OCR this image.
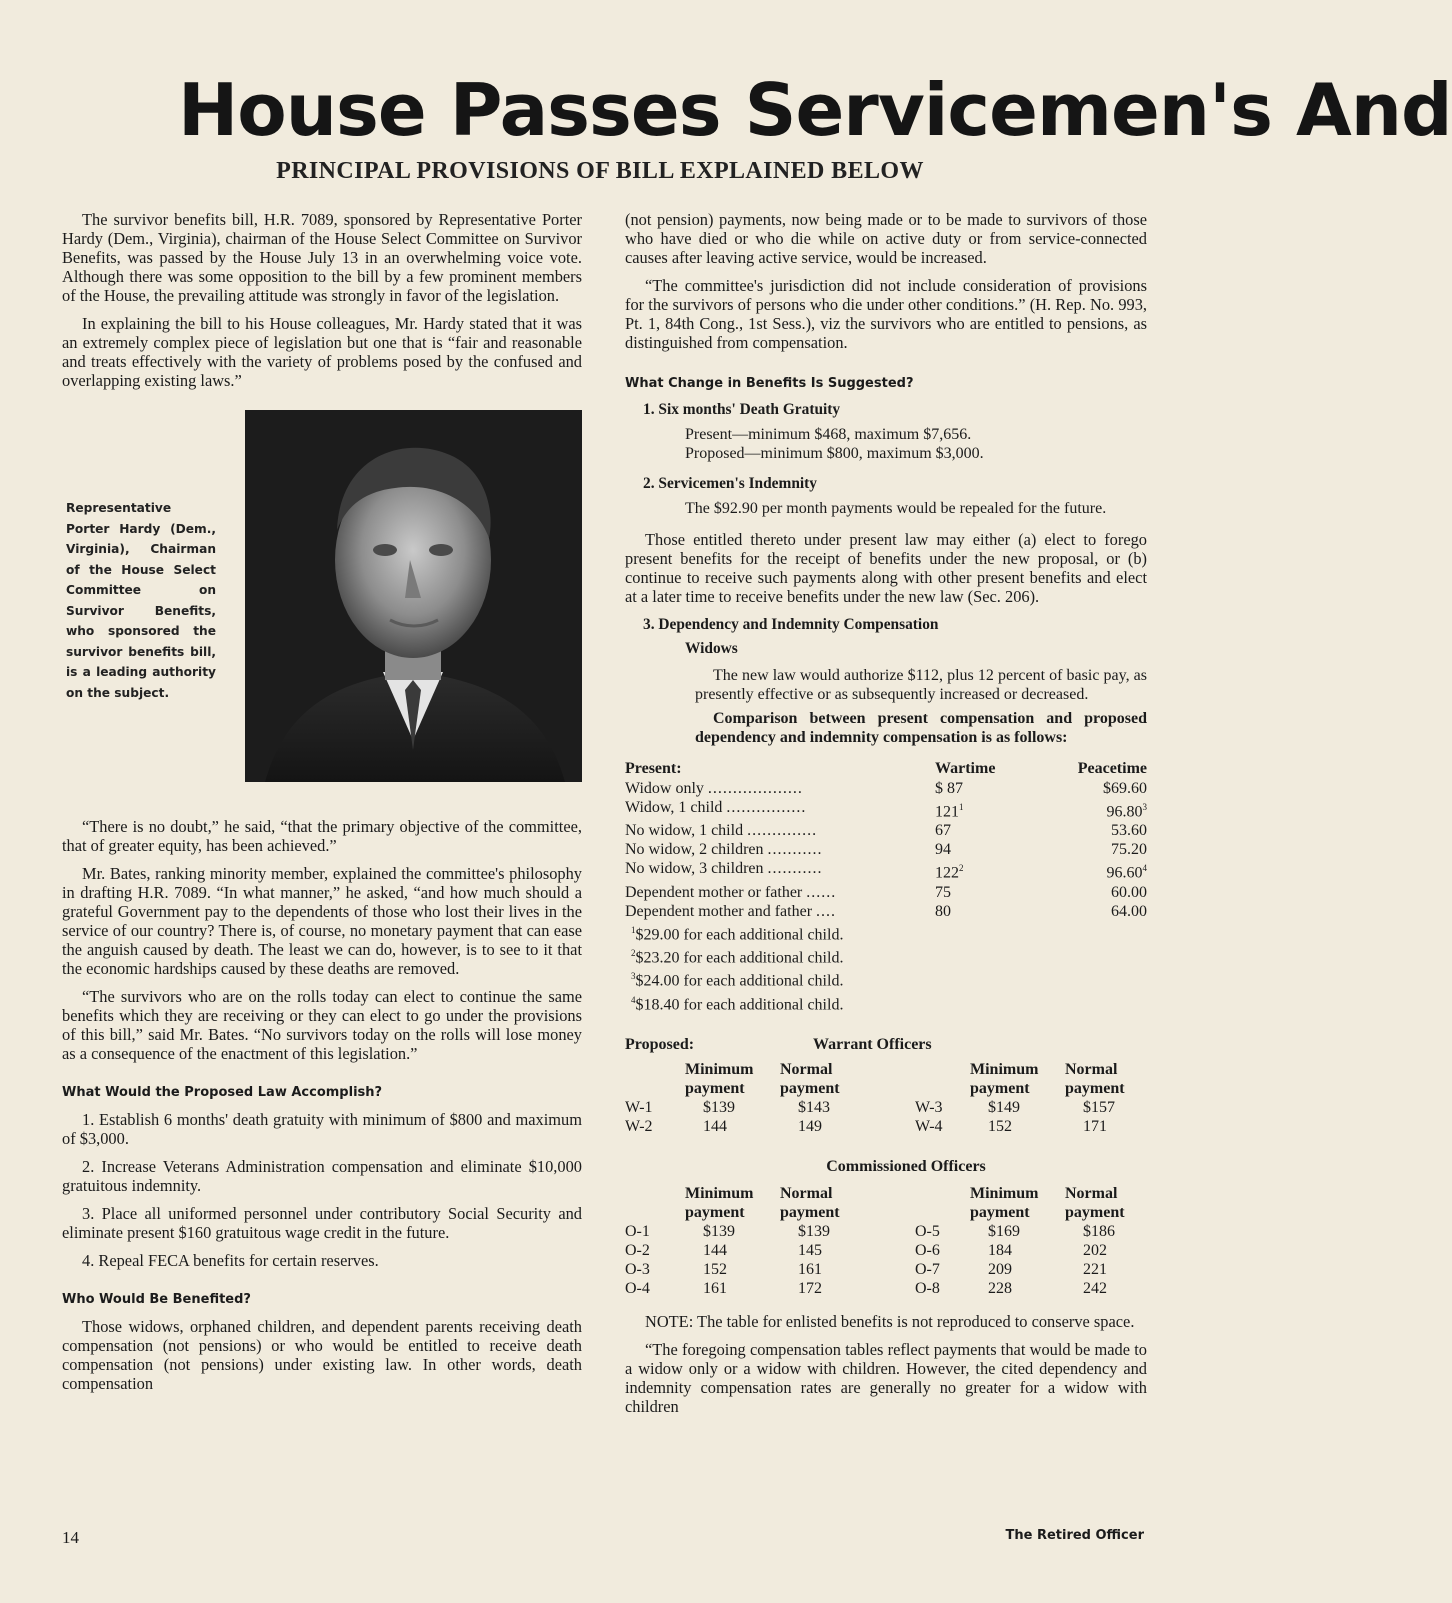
House Passes Servicemen's And
PRINCIPAL PROVISIONS OF BILL EXPLAINED BELOW

The survivor benefits bill, H.R. 7089, sponsored by Representative Porter Hardy (Dem., Virginia), chairman of the House Select Committee on Survivor Benefits, was passed by the House July 13 in an overwhelming voice vote. Although there was some opposition to the bill by a few prominent members of the House, the prevailing attitude was strongly in favor of the legislation.

In explaining the bill to his House colleagues, Mr. Hardy stated that it was an extremely complex piece of legislation but one that is “fair and reasonable and treats effectively with the variety of problems posed by the confused and overlapping existing laws.”

Representative Porter Hardy (Dem., Virginia), Chairman of the House Select Committee on Survivor Benefits, who sponsored the survivor benefits bill, is a leading authority on the subject.

“There is no doubt,” he said, “that the primary objective of the committee, that of greater equity, has been achieved.”

Mr. Bates, ranking minority member, explained the committee's philosophy in drafting H.R. 7089. “In what manner,” he asked, “and how much should a grateful Government pay to the dependents of those who lost their lives in the service of our country? There is, of course, no monetary payment that can ease the anguish caused by death. The least we can do, however, is to see to it that the economic hardships caused by these deaths are removed.

“The survivors who are on the rolls today can elect to continue the same benefits which they are receiving or they can elect to go under the provisions of this bill,” said Mr. Bates. “No survivors today on the rolls will lose money as a consequence of the enactment of this legislation.”

What Would the Proposed Law Accomplish?

1. Establish 6 months' death gratuity with minimum of $800 and maximum of $3,000.

2. Increase Veterans Administration compensation and eliminate $10,000 gratuitous indemnity.

3. Place all uniformed personnel under contributory Social Security and eliminate present $160 gratuitous wage credit in the future.

4. Repeal FECA benefits for certain reserves.

Who Would Be Benefited?

Those widows, orphaned children, and dependent parents receiving death compensation (not pensions) or who would be entitled to receive death compensation (not pensions) under existing law. In other words, death compensation

(not pension) payments, now being made or to be made to survivors of those who have died or who die while on active duty or from service-connected causes after leaving active service, would be increased.

“The committee's jurisdiction did not include consideration of provisions for the survivors of persons who die under other conditions.” (H. Rep. No. 993, Pt. 1, 84th Cong., 1st Sess.), viz the survivors who are entitled to pensions, as distinguished from compensation.

What Change in Benefits Is Suggested?
1. Six months' Death Gratuity
Present—minimum $468, maximum $7,656.
Proposed—minimum $800, maximum $3,000.
2. Servicemen's Indemnity
The $92.90 per month payments would be repealed for the future.

Those entitled thereto under present law may either (a) elect to forego present benefits for the receipt of benefits under the new proposal, or (b) continue to receive such payments along with other present benefits and elect at a later time to receive benefits under the new law (Sec. 206).

3. Dependency and Indemnity Compensation
Widows
The new law would authorize $112, plus 12 percent of basic pay, as presently effective or as subsequently increased or decreased.
Comparison between present compensation and proposed dependency and indemnity compensation is as follows:
Present:	Wartime	Peacetime
Widow only ...................	$ 87	$69.60
Widow, 1 child ................	$121^1$	96.80$^3$
No widow, 1 child ..............	67	53.60
No widow, 2 children ...........	94	75.20
No widow, 3 children ...........	$122^2$	96.60$^4$
Dependent mother or father ......	75	60.00
Dependent mother and father ....	80	64.00
$^1$\$29.00 for each additional child.
$^2$\$23.20 for each additional child.
$^3$\$24.00 for each additional child.
$^4$\$18.40 for each additional child.
Proposed:	Warrant Officers
	Minimum
payment	Normal
payment		Minimum
payment	Normal
payment
W-1	$139	$143	W-3	$149	$157
W-2	144	149	W-4	152	171
Commissioned Officers
	Minimum
payment	Normal
payment		Minimum
payment	Normal
payment
O-1	$139	$139	O-5	$169	$186
O-2	144	145	O-6	184	202
O-3	152	161	O-7	209	221
O-4	161	172	O-8	228	242

NOTE: The table for enlisted benefits is not reproduced to conserve space.

“The foregoing compensation tables reflect payments that would be made to a widow only or a widow with children. However, the cited dependency and indemnity compensation rates are generally no greater for a widow with children

14	The Retired Officer
